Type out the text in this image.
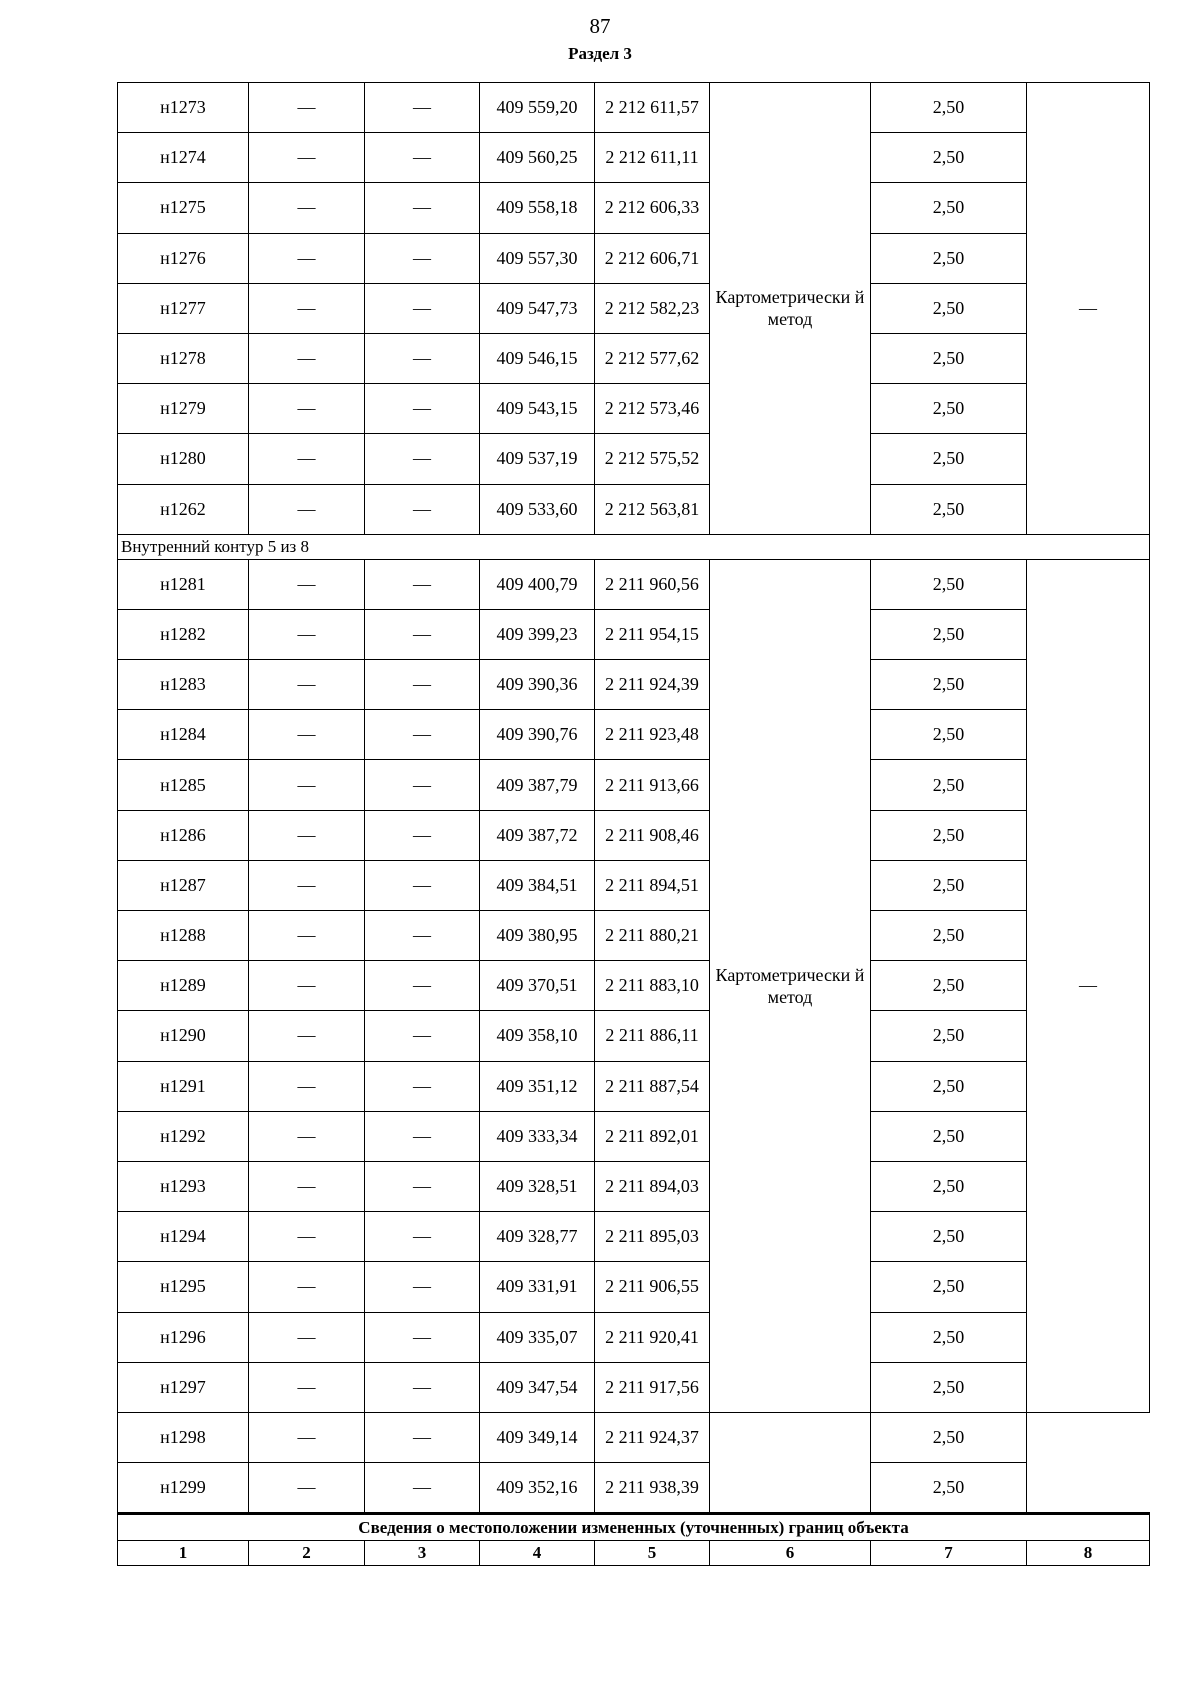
87
Раздел 3
н1273	—	—	409 559,20	2 212 611,57	Картометрически й метод	2,50	—
н1274	—	—	409 560,25	2 212 611,11		2,50	
н1275	—	—	409 558,18	2 212 606,33		2,50	
н1276	—	—	409 557,30	2 212 606,71		2,50	
н1277	—	—	409 547,73	2 212 582,23		2,50	
н1278	—	—	409 546,15	2 212 577,62		2,50	
н1279	—	—	409 543,15	2 212 573,46		2,50	
н1280	—	—	409 537,19	2 212 575,52		2,50	
н1262	—	—	409 533,60	2 212 563,81		2,50	
Внутренний контур 5 из 8							
н1281	—	—	409 400,79	2 211 960,56	Картометрически й метод	2,50	—
н1282	—	—	409 399,23	2 211 954,15		2,50	
н1283	—	—	409 390,36	2 211 924,39		2,50	
н1284	—	—	409 390,76	2 211 923,48		2,50	
н1285	—	—	409 387,79	2 211 913,66		2,50	
н1286	—	—	409 387,72	2 211 908,46		2,50	
н1287	—	—	409 384,51	2 211 894,51		2,50	
н1288	—	—	409 380,95	2 211 880,21		2,50	
н1289	—	—	409 370,51	2 211 883,10		2,50	
н1290	—	—	409 358,10	2 211 886,11		2,50	
н1291	—	—	409 351,12	2 211 887,54		2,50	
н1292	—	—	409 333,34	2 211 892,01		2,50	
н1293	—	—	409 328,51	2 211 894,03		2,50	
н1294	—	—	409 328,77	2 211 895,03		2,50	
н1295	—	—	409 331,91	2 211 906,55		2,50	
н1296	—	—	409 335,07	2 211 920,41		2,50	
н1297	—	—	409 347,54	2 211 917,56		2,50	
н1298	—	—	409 349,14	2 211 924,37		2,50	
н1299	—	—	409 352,16	2 211 938,39		2,50	
Сведения о местоположении измененных (уточненных) границ объекта							
1	2	3	4	5	6	7	8
